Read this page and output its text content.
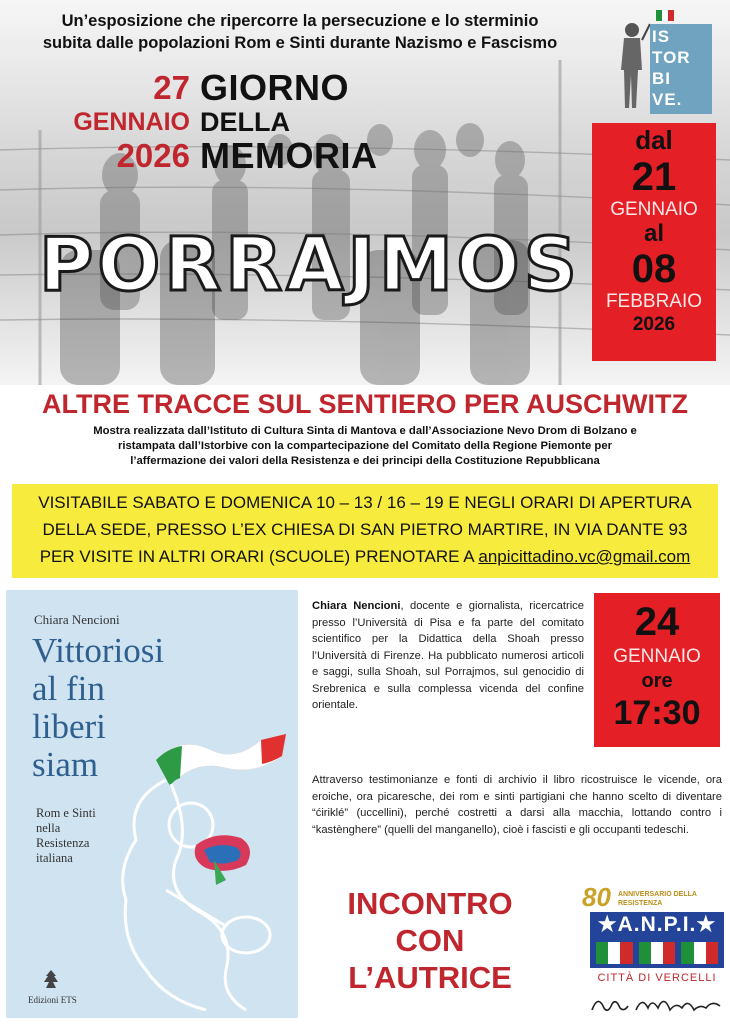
Un’esposizione che ripercorre la persecuzione e lo sterminio
subita dalle popolazioni Rom e Sinti durante Nazismo e Fascismo
27
GENNAIO
2026
GIORNO
DELLA
MEMORIA
PORRAJMOS
IS
TOR
BI
VE.
dal
21
GENNAIO
al
08
FEBBRAIO
2026
ALTRE TRACCE SUL SENTIERO PER AUSCHWITZ
Mostra realizzata dall’Istituto di Cultura Sinta di Mantova e dall’Associazione Nevo Drom di Bolzano e
ristampata dall’Istorbive con la compartecipazione del Comitato della Regione Piemonte per
l’affermazione dei valori della Resistenza e dei principi della Costituzione Repubblicana
VISITABILE SABATO E DOMENICA 10 – 13 / 16 – 19 E NEGLI ORARI DI APERTURA
DELLA SEDE, PRESSO L’EX CHIESA DI SAN PIETRO MARTIRE, IN VIA DANTE 93
PER VISITE IN ALTRI ORARI (SCUOLE) PRENOTARE A anpicittadino.vc@gmail.com
Chiara Nencioni
Vittoriosi
al fin
liberi
siam
Rom e Sinti
nella
Resistenza
italiana
Edizioni ETS
Chiara Nencioni, docente e giornalista, ricercatrice presso l’Università di Pisa e fa parte del comitato scientifico per la Didattica della Shoah presso l’Università di Firenze. Ha pubblicato numerosi articoli e saggi, sulla Shoah, sul Porrajmos, sul genocidio di Srebrenica e sulla complessa vicenda del confine orientale.
24
GENNAIO
ore
17:30
Attraverso testimonianze e fonti di archivio il libro ricostruisce le vicende, ora eroiche, ora picaresche, dei rom e sinti partigiani che hanno scelto di diventare “ćiriklé” (uccellini), perché costretti a darsi alla macchia, lottando contro i “kastènghere” (quelli del manganello), cioè i fascisti e gli occupanti tedeschi.
INCONTRO
CON
L’AUTRICE
80 ANNIVERSARIO DELLA RESISTENZA
★A.N.P.I.★
CITTÀ DI VERCELLI
